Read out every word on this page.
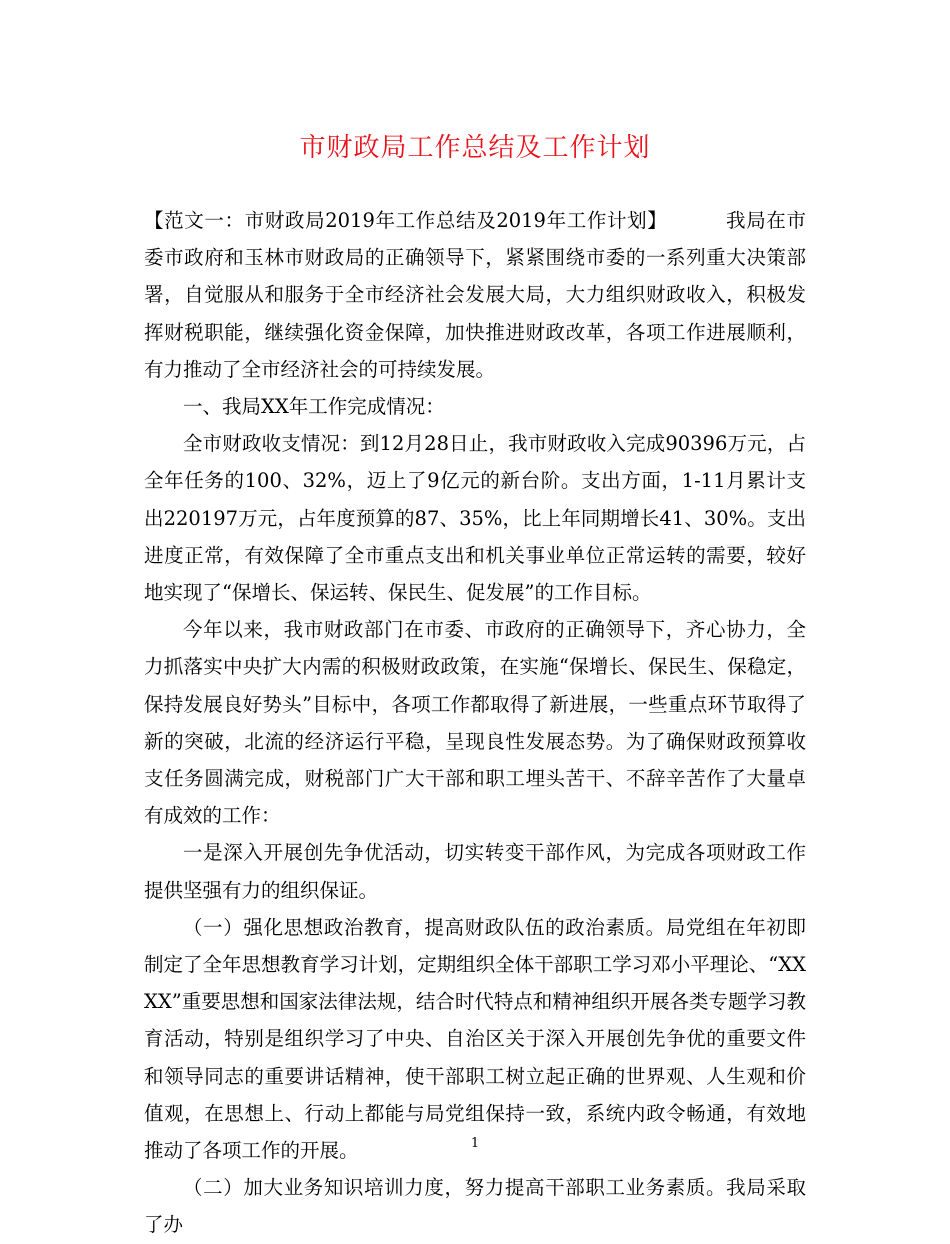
市财政局工作总结及工作计划

【范文一：市财政局2019年工作总结及2019年工作计划】	我局在市委市政府和玉林市财政局的正确领导下，紧紧围绕市委的一系列重大决策部署，自觉服从和服务于全市经济社会发展大局，大力组织财政收入，积极发挥财税职能，继续强化资金保障，加快推进财政改革，各项工作进展顺利，有力推动了全市经济社会的可持续发展。

一、我局XX年工作完成情况：

全市财政收支情况：到12月28日止，我市财政收入完成90396万元，占全年任务的100、32%，迈上了9亿元的新台阶。支出方面，1-11月累计支出220197万元，占年度预算的87、35%，比上年同期增长41、30%。支出进度正常，有效保障了全市重点支出和机关事业单位正常运转的需要，较好地实现了“保增长、保运转、保民生、促发展”的工作目标。

今年以来，我市财政部门在市委、市政府的正确领导下，齐心协力，全力抓落实中央扩大内需的积极财政政策，在实施“保增长、保民生、保稳定，保持发展良好势头”目标中，各项工作都取得了新进展，一些重点环节取得了新的突破，北流的经济运行平稳，呈现良性发展态势。为了确保财政预算收支任务圆满完成，财税部门广大干部和职工埋头苦干、不辞辛苦作了大量卓有成效的工作：

一是深入开展创先争优活动，切实转变干部作风，为完成各项财政工作提供坚强有力的组织保证。

（一）强化思想政治教育，提高财政队伍的政治素质。局党组在年初即制定了全年思想教育学习计划，定期组织全体干部职工学习邓小平理论、“XXXX”重要思想和国家法律法规，结合时代特点和精神组织开展各类专题学习教育活动，特别是组织学习了中央、自治区关于深入开展创先争优的重要文件和领导同志的重要讲话精神，使干部职工树立起正确的世界观、人生观和价值观，在思想上、行动上都能与局党组保持一致，系统内政令畅通，有效地推动了各项工作的开展。

（二）加大业务知识培训力度，努力提高干部职工业务素质。我局采取了办

1
